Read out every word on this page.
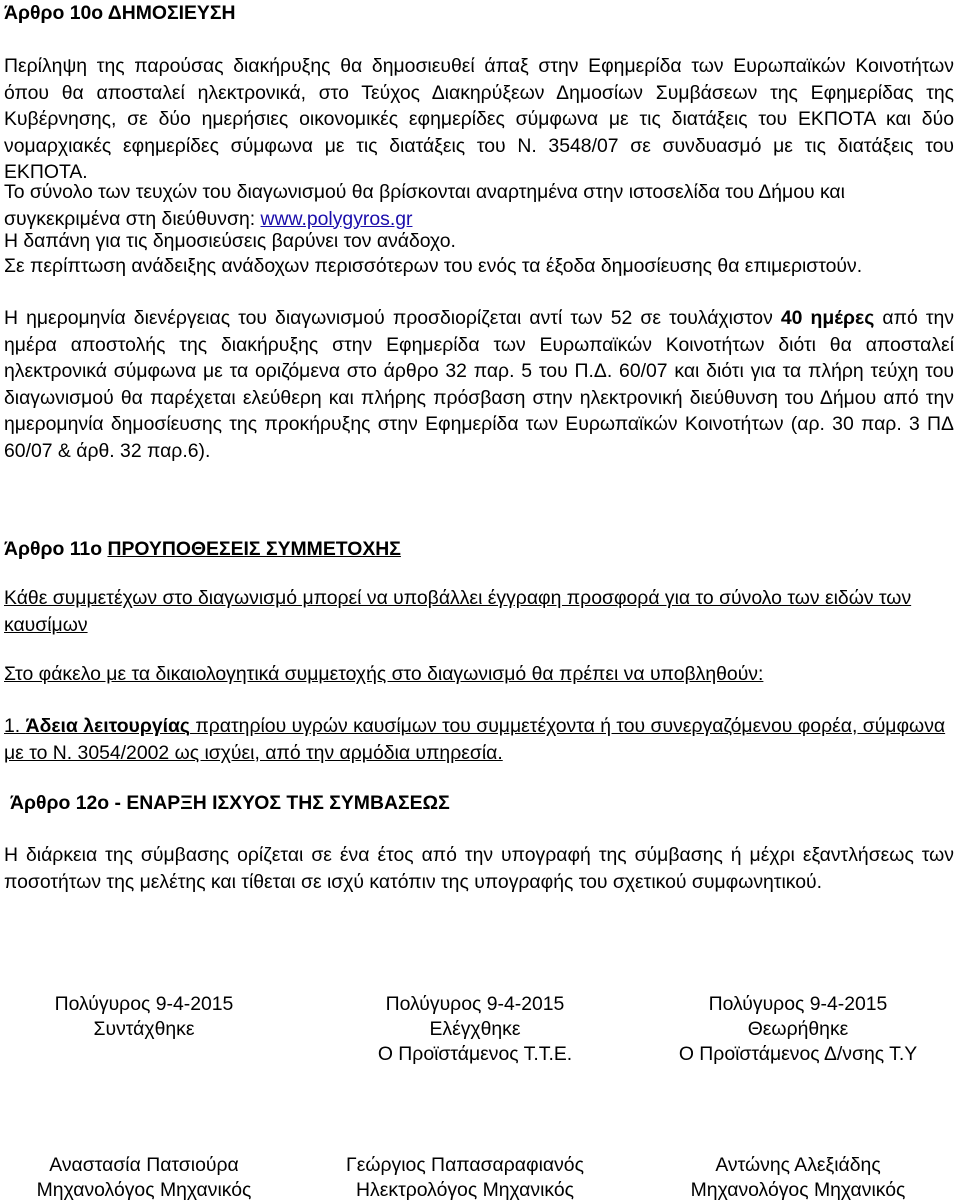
Άρθρο 10ο ΔΗΜΟΣΙΕΥΣΗ

Περίληψη της παρούσας διακήρυξης θα δημοσιευθεί άπαξ στην Εφημερίδα των Ευρωπαϊκών Κοινοτήτων όπου θα αποσταλεί ηλεκτρονικά, στο Τεύχος Διακηρύξεων Δημοσίων Συμβάσεων της Εφημερίδας της Κυβέρνησης, σε δύο ημερήσιες οικονομικές εφημερίδες σύμφωνα με τις διατάξεις του ΕΚΠΟΤΑ και δύο νομαρχιακές εφημερίδες σύμφωνα με τις διατάξεις του Ν. 3548/07 σε συνδυασμό με τις διατάξεις του ΕΚΠΟΤΑ.

Το σύνολο των τευχών του διαγωνισμού θα βρίσκονται αναρτημένα στην ιστοσελίδα του Δήμου και συγκεκριμένα στη διεύθυνση: www.polygyros.gr

Η δαπάνη για τις δημοσιεύσεις βαρύνει τον ανάδοχο.

Σε περίπτωση ανάδειξης ανάδοχων περισσότερων του ενός τα έξοδα δημοσίευσης θα επιμεριστούν.

Η ημερομηνία διενέργειας του διαγωνισμού προσδιορίζεται αντί των 52 σε τουλάχιστον 40 ημέρες από την ημέρα αποστολής της διακήρυξης στην Εφημερίδα των Ευρωπαϊκών Κοινοτήτων διότι θα αποσταλεί ηλεκτρονικά σύμφωνα με τα οριζόμενα στο άρθρο 32 παρ. 5 του Π.Δ. 60/07 και διότι για τα πλήρη τεύχη του διαγωνισμού θα παρέχεται ελεύθερη και πλήρης πρόσβαση στην ηλεκτρονική διεύθυνση του Δήμου από την ημερομηνία δημοσίευσης της προκήρυξης στην Εφημερίδα των Ευρωπαϊκών Κοινοτήτων (αρ. 30 παρ. 3 ΠΔ 60/07 & άρθ. 32 παρ.6).

Άρθρο 11ο ΠΡΟΥΠΟΘΕΣΕΙΣ ΣΥΜΜΕΤΟΧΗΣ

Κάθε συμμετέχων στο διαγωνισμό μπορεί να υποβάλλει έγγραφη προσφορά για το σύνολο των ειδών των καυσίμων

Στο φάκελο με τα δικαιολογητικά συμμετοχής στο διαγωνισμό θα πρέπει να υποβληθούν:

1. Άδεια λειτουργίας πρατηρίου υγρών καυσίμων του συμμετέχοντα ή του συνεργαζόμενου φορέα, σύμφωνα με το Ν. 3054/2002 ως ισχύει, από την αρμόδια υπηρεσία.

Άρθρο 12ο - ΕΝΑΡΞΗ ΙΣΧΥΟΣ ΤΗΣ ΣΥΜΒΑΣΕΩΣ

Η διάρκεια της σύμβασης ορίζεται σε ένα έτος από την υπογραφή της σύμβασης ή μέχρι εξαντλήσεως των ποσοτήτων της μελέτης και τίθεται σε ισχύ κατόπιν της υπογραφής του σχετικού συμφωνητικού.

Πολύγυρος 9-4-2015
Συντάχθηκε
Πολύγυρος 9-4-2015
Ελέγχθηκε
Ο Προϊστάμενος Τ.Τ.Ε.
Πολύγυρος 9-4-2015
Θεωρήθηκε
Ο Προϊστάμενος Δ/νσης Τ.Υ
Αναστασία Πατσιούρα
Μηχανολόγος Μηχανικός
Γεώργιος Παπασαραφιανός
Ηλεκτρολόγος Μηχανικός
Αντώνης Αλεξιάδης
Μηχανολόγος Μηχανικός
